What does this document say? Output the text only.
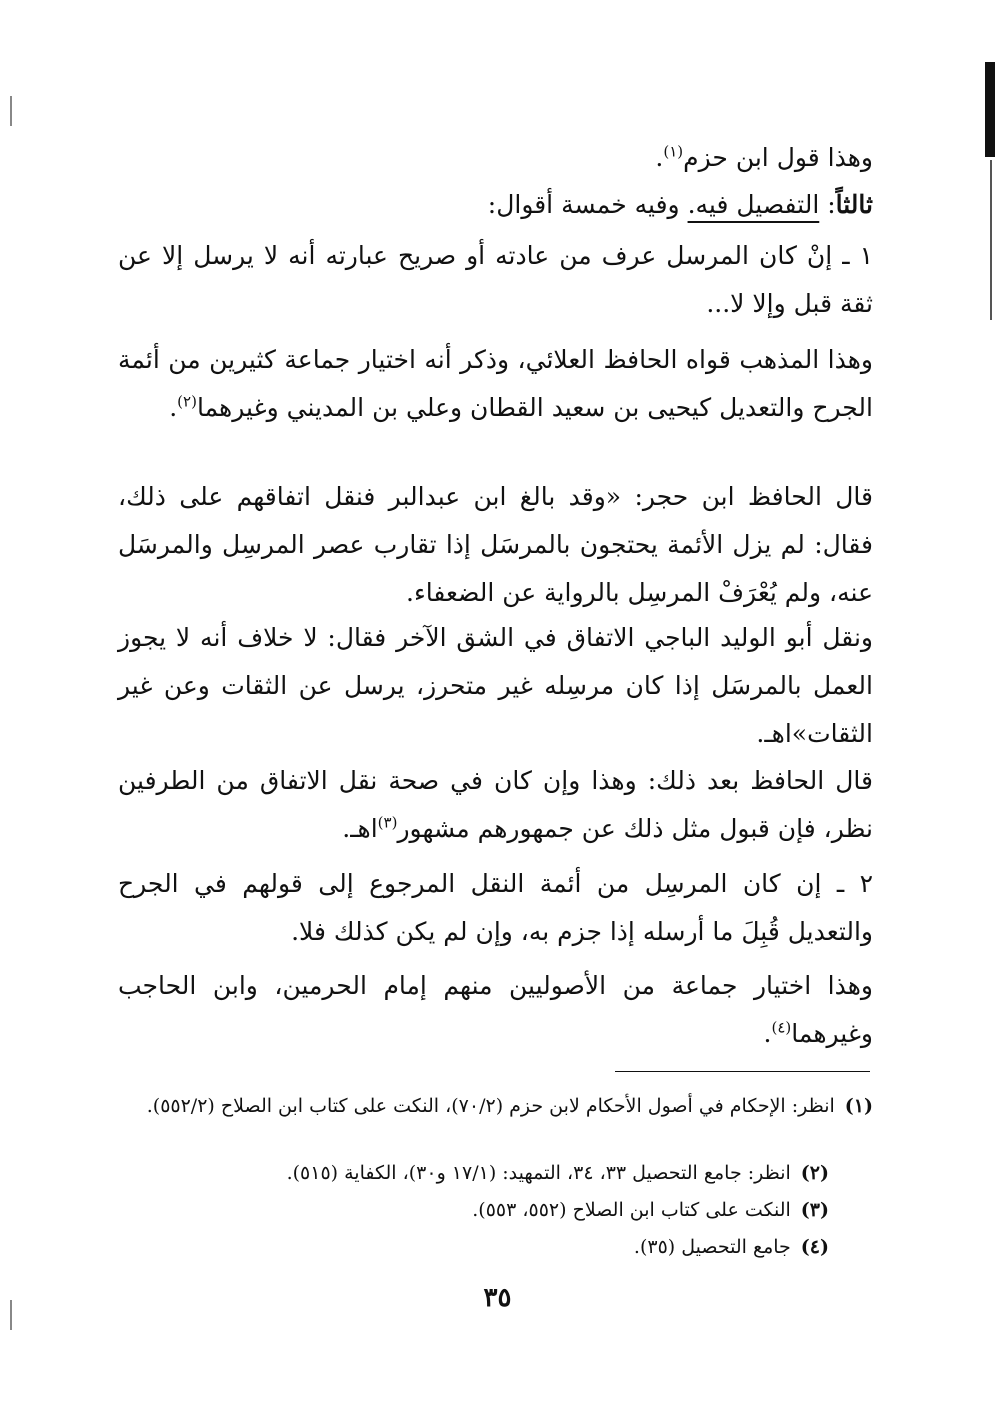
وهذا قول ابن حزم$^{(١)}$.

ثالثاً: التفصيل فيه. وفيه خمسة أقوال:

١ ـ إنْ كان المرسل عرف من عادته أو صريح عبارته أنه لا يرسل إلا عن ثقة قبل وإلا لا...

وهذا المذهب قواه الحافظ العلائي، وذكر أنه اختيار جماعة كثيرين من أئمة الجرح والتعديل كيحيى بن سعيد القطان وعلي بن المديني وغيرهما$^{(٢)}$.

قال الحافظ ابن حجر: «وقد بالغ ابن عبدالبر فنقل اتفاقهم على ذلك، فقال: لم يزل الأئمة يحتجون بالمرسَل إذا تقارب عصر المرسِل والمرسَل عنه، ولم يُعْرَفْ المرسِل بالرواية عن الضعفاء.

ونقل أبو الوليد الباجي الاتفاق في الشق الآخر فقال: لا خلاف أنه لا يجوز العمل بالمرسَل إذا كان مرسِله غير متحرز، يرسل عن الثقات وعن غير الثقات»اهـ.

قال الحافظ بعد ذلك: وهذا وإن كان في صحة نقل الاتفاق من الطرفين نظر، فإن قبول مثل ذلك عن جمهورهم مشهور$^{(٣)}$اهـ.

٢ ـ إن كان المرسِل من أئمة النقل المرجوع إلى قولهم في الجرح والتعديل قُبِلَ ما أرسله إذا جزم به، وإن لم يكن كذلك فلا.

وهذا اختيار جماعة من الأصوليين منهم إمام الحرمين، وابن الحاجب وغيرهما$^{(٤)}$.

(١)انظر: الإحكام في أصول الأحكام لابن حزم (٧٠/٢)، النكت على كتاب ابن الصلاح (٥٥٢/٢).

(٢)انظر: جامع التحصيل ٣٣، ٣٤، التمهيد: (١٧/١ و٣٠)، الكفاية (٥١٥).

(٣)النكت على كتاب ابن الصلاح (٥٥٢، ٥٥٣).

(٤)جامع التحصيل (٣٥).

٣٥
